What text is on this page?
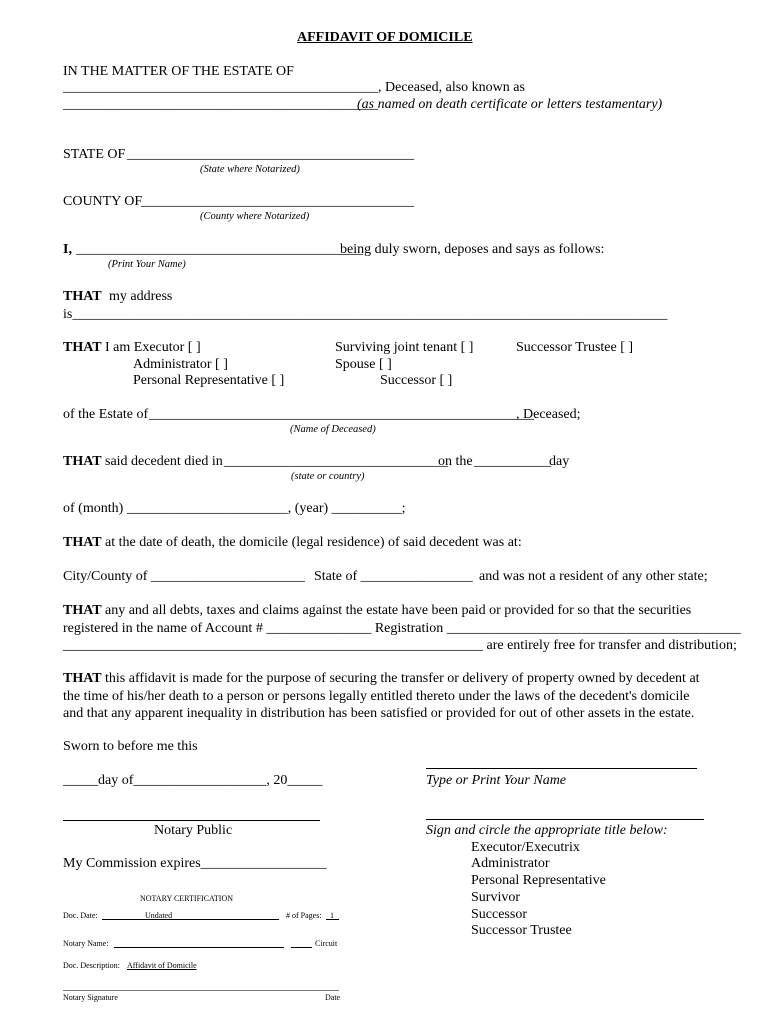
AFFIDAVIT OF DOMICILE
IN THE MATTER OF THE ESTATE OF
_____________________________________________, Deceased, also known as
_____________________________________________
(as named on death certificate or letters testamentary)
STATE OF _________________________________________
(State where Notarized)
COUNTY OF
_______________________________________
(County where Notarized)
I, _________________________________________
being duly sworn, deposes and says as follows:
(Print Your Name)
THAT my address
is_____________________________________________________________________________________
THAT I am Executor [ ]
Administrator [ ]
Personal Representative [ ]
Surviving joint tenant [ ]
Spouse [ ]
Successor [ ]
Successor Trustee [ ]
of the Estate of _______________________________________________________
, Deceased;
(Name of Deceased)
THAT said decedent died in ________________________________
on the ___________
day
(state or country)
of (month) _______________________, (year) __________;
THAT at the date of death, the domicile (legal residence) of said decedent was at:
City/County of ______________________ State of ________________ and was not a resident of any other state;
THAT any and all debts, taxes and claims against the estate have been paid or provided for so that the securities
registered in the name of Account # _______________ Registration __________________________________________
____________________________________________________________ are entirely free for transfer and distribution;
THAT this affidavit is made for the purpose of securing the transfer or delivery of property owned by decedent at
the time of his/her death to a person or persons legally entitled thereto under the laws of the decedent's domicile
and that any apparent inequality in distribution has been satisfied or provided for out of other assets in the estate.
Sworn to before me this
_____day of___________________, 20_____
Notary Public
My Commission expires__________________
Type or Print Your Name
Sign and circle the appropriate title below:
Executor/Executrix
Administrator
Personal Representative
Survivor
Successor
Successor Trustee
NOTARY CERTIFICATION
Doc. Date:	Undated	# of Pages: 1
Notary Name:	Circuit
Doc. Description: Affidavit of Domicile
Notary Signature	Date
